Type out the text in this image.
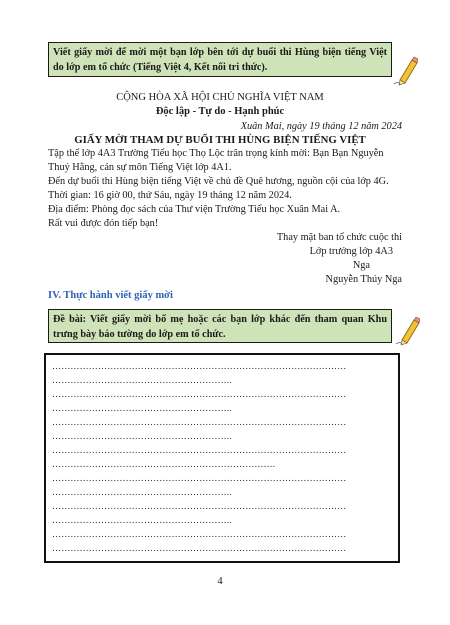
Viết giấy mời để mời một bạn lớp bên tới dự buổi thi Hùng biện tiếng Việt do lớp em tổ chức (Tiếng Việt 4, Kết nối tri thức).
CỘNG HÒA XÃ HỘI CHỦ NGHĨA VIỆT NAM
Độc lập - Tự do - Hạnh phúc
Xuân Mai, ngày 19 tháng 12 năm 2024
GIẤY MỜI THAM DỰ BUỔI THI HÙNG BIỆN TIẾNG VIỆT
Tập thể lớp 4A3 Trường Tiểu học Thọ Lộc trân trọng kính mời: Bạn Bạn Nguyễn
Thuý Hằng, cán sự môn Tiếng Việt lớp 4A1.
Đến dự buổi thi Hùng biện tiếng Việt về chủ đề Quê hương, nguồn cội của lớp 4G.
Thời gian: 16 giờ 00, thứ Sáu, ngày 19 tháng 12 năm 2024.
Địa điểm: Phòng đọc sách của Thư viện Trường Tiểu học Xuân Mai A.
Rất vui được đón tiếp bạn!
Thay mặt ban tổ chức cuộc thi
Lớp trưởng lớp 4A3
Nga
Nguyễn Thúy Nga
IV. Thực hành viết giấy mời
Đề bài: Viết giấy mời bố mẹ hoặc các bạn lớp khác đến tham quan Khu trưng bày báo tường do lớp em tổ chức.
……………………………………………………………………………………
…………………………………………………..
……………………………………………………………………………………
…………………………………………………..
……………………………………………………………………………………
…………………………………………………..
……………………………………………………………………………………
……………………………………………………………….
……………………………………………………………………………………
…………………………………………………..
……………………………………………………………………………………
…………………………………………………..
……………………………………………………………………………………
……………………………………………………………………………………
4
